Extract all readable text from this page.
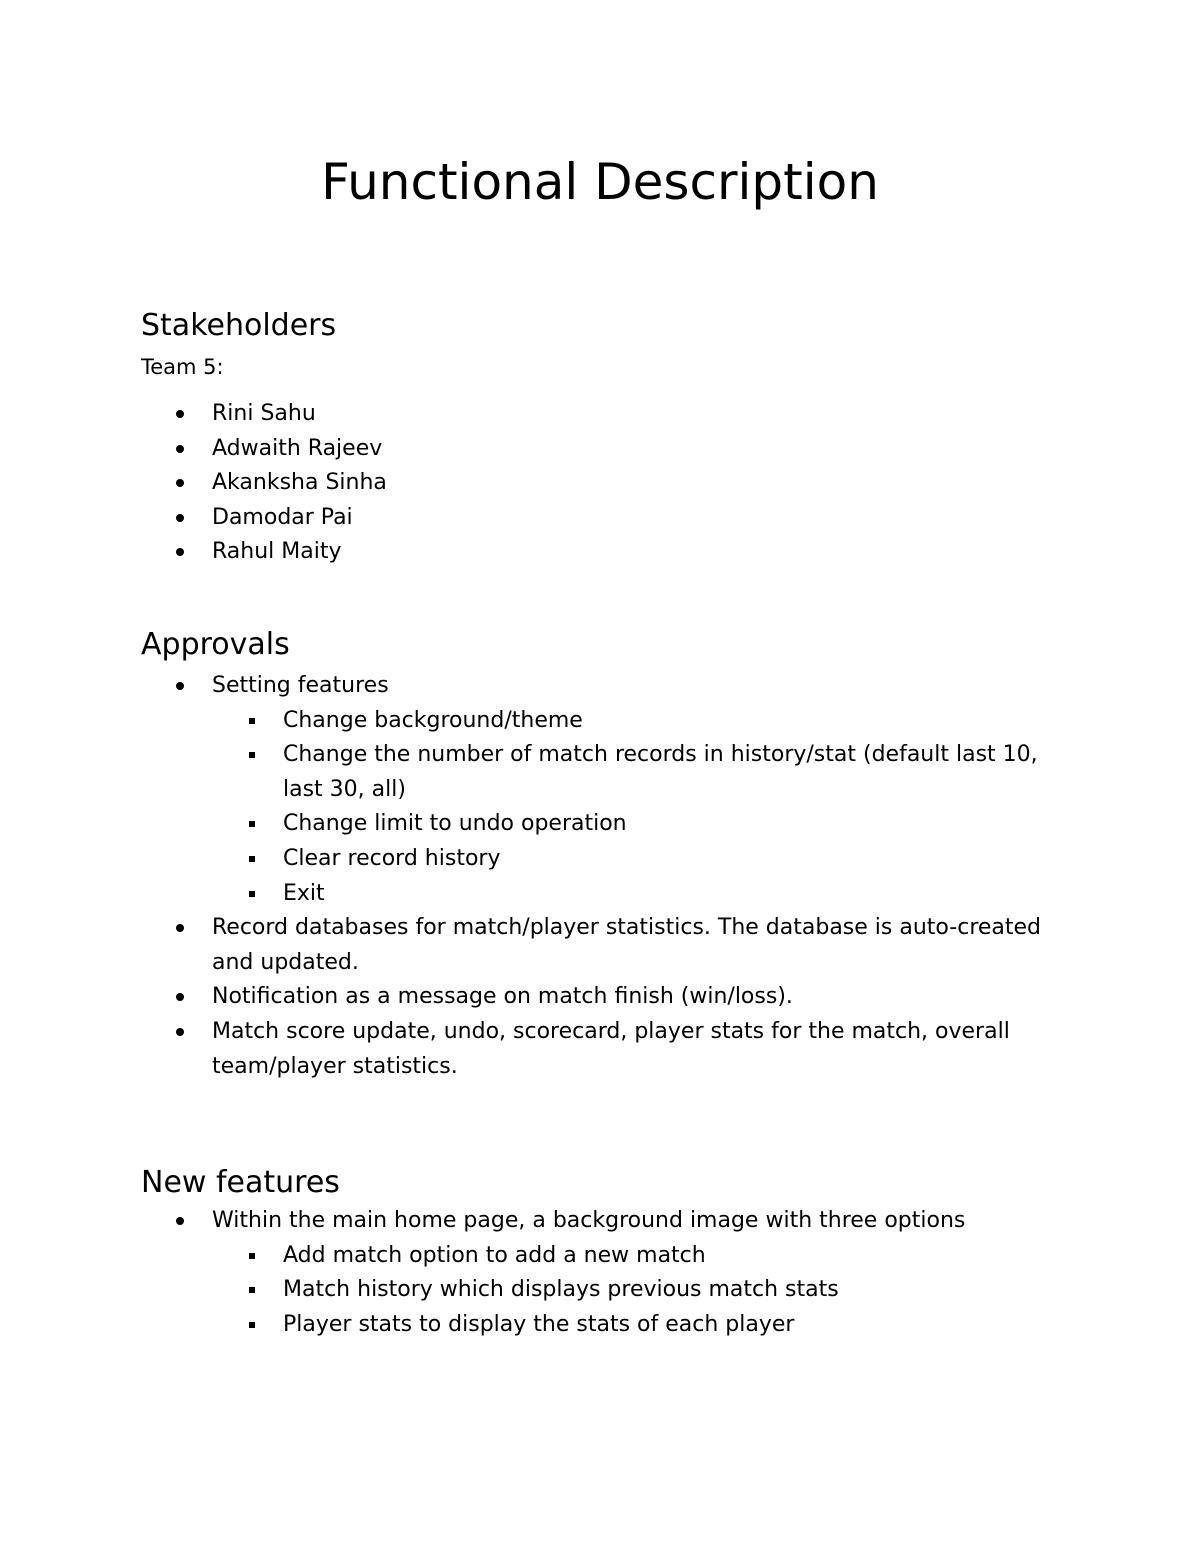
Functional Description
Stakeholders

Team 5:

Rini Sahu
Adwaith Rajeev
Akanksha Sinha
Damodar Pai
Rahul Maity
Approvals
Setting features
Change background/theme
Change the number of match records in history/stat (default last 10, last 30, all)
Change limit to undo operation
Clear record history
Exit
Record databases for match/player statistics. The database is auto-created and updated.
Notification as a message on match finish (win/loss).
Match score update, undo, scorecard, player stats for the match, overall team/player statistics.
New features
Within the main home page, a background image with three options
Add match option to add a new match
Match history which displays previous match stats
Player stats to display the stats of each player
